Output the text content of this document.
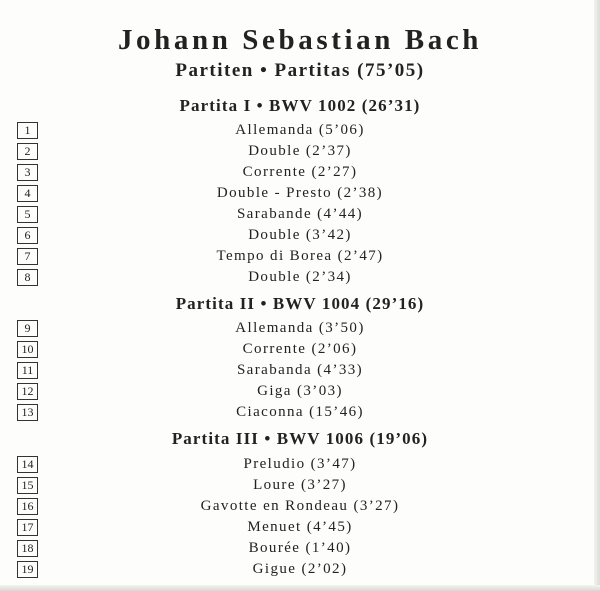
Johann Sebastian Bach
Partiten • Partitas (75’05)
Partita I • BWV 1002 (26’31)
1	Allemanda (5’06)
2	Double (2’37)
3	Corrente (2’27)
4	Double - Presto (2’38)
5	Sarabande (4’44)
6	Double (3’42)
7	Tempo di Borea (2’47)
8	Double (2’34)
Partita II • BWV 1004 (29’16)
9	Allemanda (3’50)
10	Corrente (2’06)
11	Sarabanda (4’33)
12	Giga (3’03)
13	Ciaconna (15’46)
Partita III • BWV 1006 (19’06)
14	Preludio (3’47)
15	Loure (3’27)
16	Gavotte en Rondeau (3’27)
17	Menuet (4’45)
18	Bourée (1’40)
19	Gigue (2’02)
